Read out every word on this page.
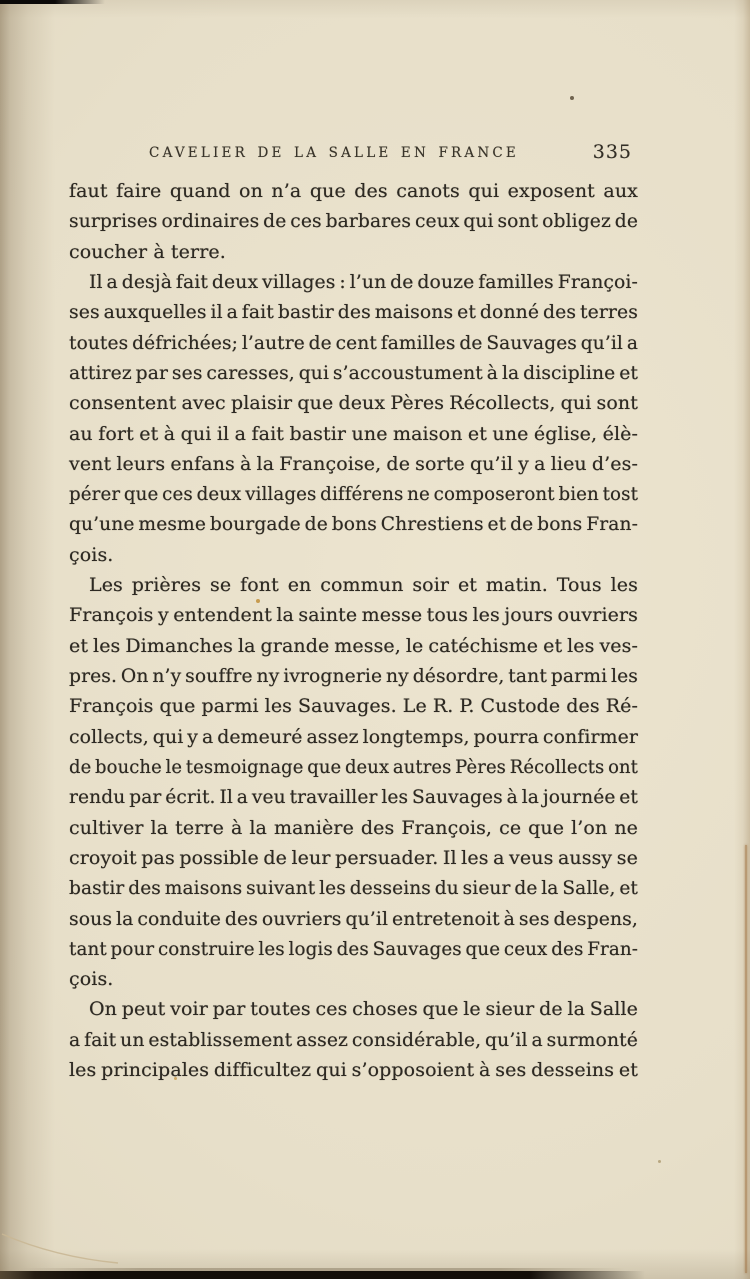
CAVELIER DE LA SALLE EN FRANCE	335
faut faire quand on n’a que des canots qui exposent aux
surprises ordinaires de ces barbares ceux qui sont obligez de
coucher à terre.
Il a desjà fait deux villages : l’un de douze familles Françoi-
ses auxquelles il a fait bastir des maisons et donné des terres
toutes défrichées; l’autre de cent familles de Sauvages qu’il a
attirez par ses caresses, qui s’accoustument à la discipline et
consentent avec plaisir que deux Pères Récollects, qui sont
au fort et à qui il a fait bastir une maison et une église, élè-
vent leurs enfans à la Françoise, de sorte qu’il y a lieu d’es-
pérer que ces deux villages différens ne composeront bien tost
qu’une mesme bourgade de bons Chrestiens et de bons Fran-
çois.
Les prières se font en commun soir et matin. Tous les
François y entendent la sainte messe tous les jours ouvriers
et les Dimanches la grande messe, le catéchisme et les ves-
pres. On n’y souffre ny ivrognerie ny désordre, tant parmi les
François que parmi les Sauvages. Le R. P. Custode des Ré-
collects, qui y a demeuré assez longtemps, pourra confirmer
de bouche le tesmoignage que deux autres Pères Récollects ont
rendu par écrit. Il a veu travailler les Sauvages à la journée et
cultiver la terre à la manière des François, ce que l’on ne
croyoit pas possible de leur persuader. Il les a veus aussy se
bastir des maisons suivant les desseins du sieur de la Salle, et
sous la conduite des ouvriers qu’il entretenoit à ses despens,
tant pour construire les logis des Sauvages que ceux des Fran-
çois.
On peut voir par toutes ces choses que le sieur de la Salle
a fait un establissement assez considérable, qu’il a surmonté
les principales difficultez qui s’opposoient à ses desseins et
